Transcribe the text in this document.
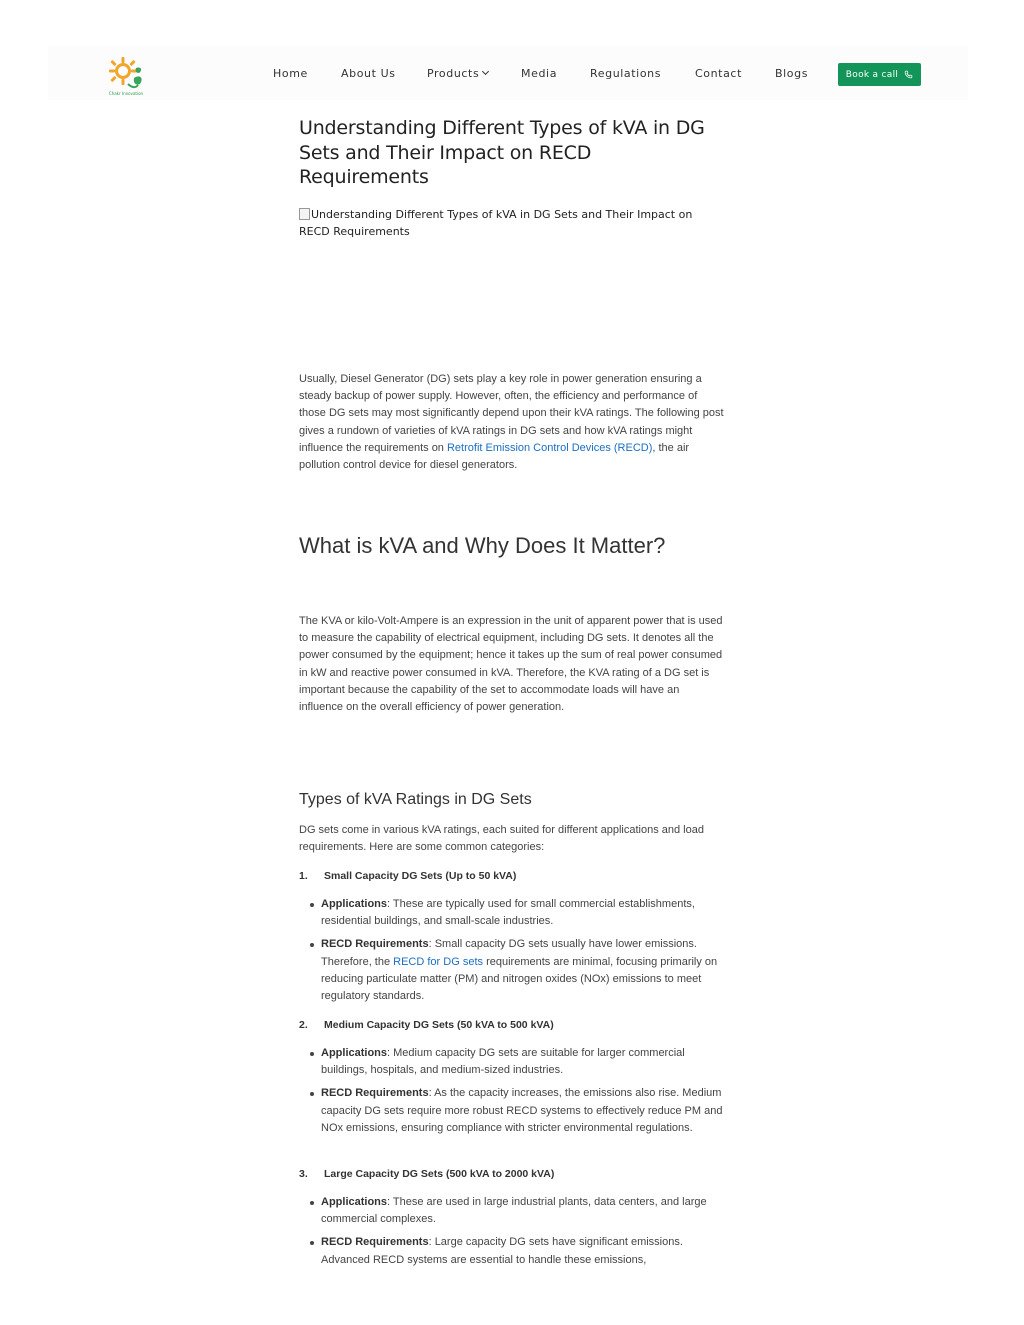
Chakr Innovation
Home	About Us	Products	Media	Regulations	Contact	Blogs	Book a call
Understanding Different Types of kVA in DG Sets and Their Impact on RECD Requirements
Understanding Different Types of kVA in DG Sets and Their Impact on RECD Requirements

Usually, Diesel Generator (DG) sets play a key role in power generation ensuring a steady backup of power supply. However, often, the efficiency and performance of those DG sets may most significantly depend upon their kVA ratings. The following post gives a rundown of varieties of kVA ratings in DG sets and how kVA ratings might influence the requirements on Retrofit Emission Control Devices (RECD), the air pollution control device for diesel generators.

What is kVA and Why Does It Matter?

The KVA or kilo-Volt-Ampere is an expression in the unit of apparent power that is used to measure the capability of electrical equipment, including DG sets. It denotes all the power consumed by the equipment; hence it takes up the sum of real power consumed in kW and reactive power consumed in kVA. Therefore, the KVA rating of a DG set is important because the capability of the set to accommodate loads will have an influence on the overall efficiency of power generation.

Types of kVA Ratings in DG Sets

DG sets come in various kVA ratings, each suited for different applications and load requirements. Here are some common categories:

1. Small Capacity DG Sets (Up to 50 kVA)
Applications: These are typically used for small commercial establishments, residential buildings, and small-scale industries.
RECD Requirements: Small capacity DG sets usually have lower emissions. Therefore, the RECD for DG sets requirements are minimal, focusing primarily on reducing particulate matter (PM) and nitrogen oxides (NOx) emissions to meet regulatory standards.
2. Medium Capacity DG Sets (50 kVA to 500 kVA)
Applications: Medium capacity DG sets are suitable for larger commercial buildings, hospitals, and medium-sized industries.
RECD Requirements: As the capacity increases, the emissions also rise. Medium capacity DG sets require more robust RECD systems to effectively reduce PM and NOx emissions, ensuring compliance with stricter environmental regulations.
3. Large Capacity DG Sets (500 kVA to 2000 kVA)
Applications: These are used in large industrial plants, data centers, and large commercial complexes.
RECD Requirements: Large capacity DG sets have significant emissions. Advanced RECD systems are essential to handle these emissions,
